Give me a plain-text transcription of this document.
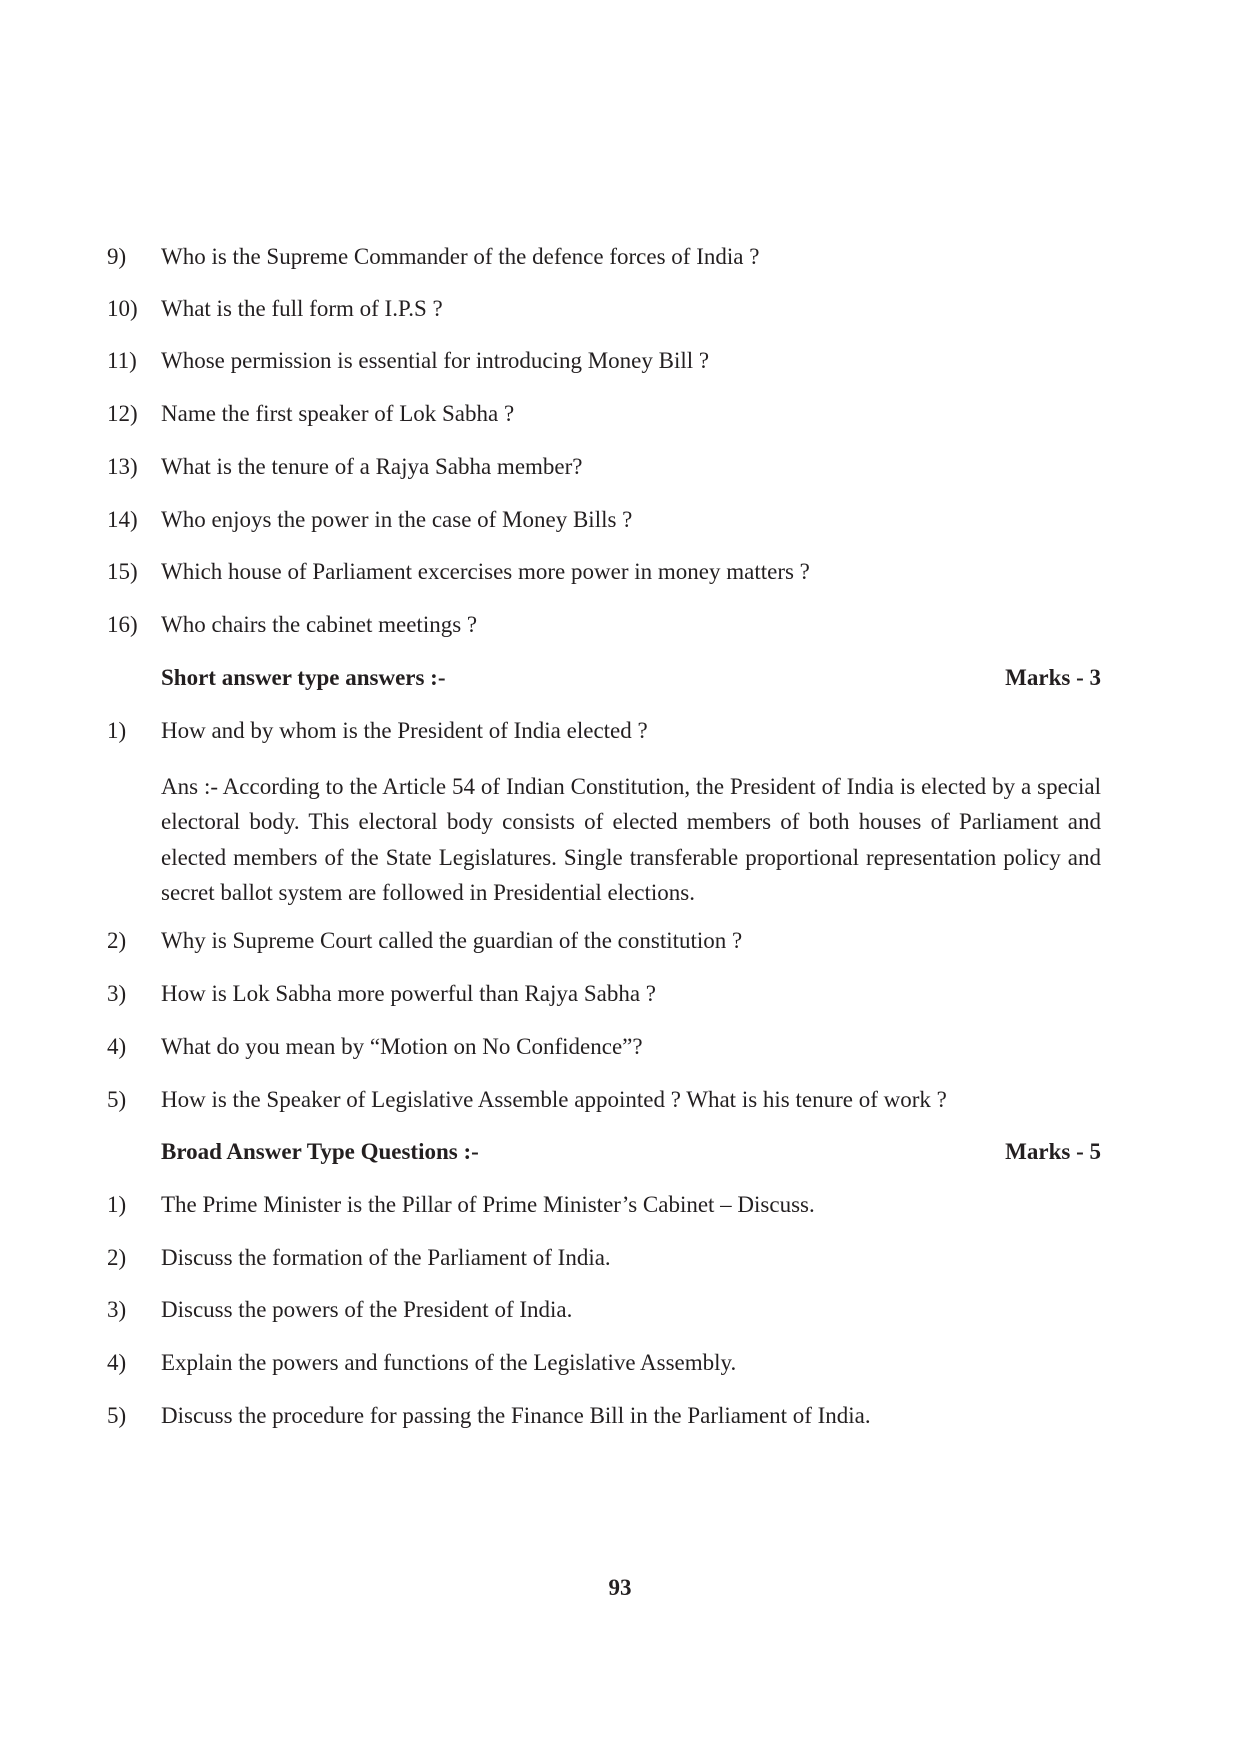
9) Who is the Supreme Commander of the defence forces of India ?
10) What is the full form of I.P.S ?
11) Whose permission is essential for introducing Money Bill ?
12) Name the first speaker of Lok Sabha ?
13) What is the tenure of a Rajya Sabha member?
14) Who enjoys the power in the case of Money Bills ?
15) Which house of Parliament excercises more power in money matters ?
16) Who chairs the cabinet meetings ?
Short answer type answers :-	Marks - 3
1) How and by whom is the President of India elected ?
Ans :- According to the Article 54 of Indian Constitution, the President of India is elected by a special electoral body. This electoral body consists of elected members of both houses of Parliament and elected members of the State Legislatures. Single transferable proportional representation policy and secret ballot system are followed in Presidential elections.
2) Why is Supreme Court called the guardian of the constitution ?
3) How is Lok Sabha more powerful than Rajya Sabha ?
4) What do you mean by “Motion on No Confidence”?
5) How is the Speaker of Legislative Assemble appointed ? What is his tenure of work ?
Broad Answer Type Questions :-	Marks - 5
1) The Prime Minister is the Pillar of Prime Minister’s Cabinet – Discuss.
2) Discuss the formation of the Parliament of India.
3) Discuss the powers of the President of India.
4) Explain the powers and functions of the Legislative Assembly.
5) Discuss the procedure for passing the Finance Bill in the Parliament of India.
93
